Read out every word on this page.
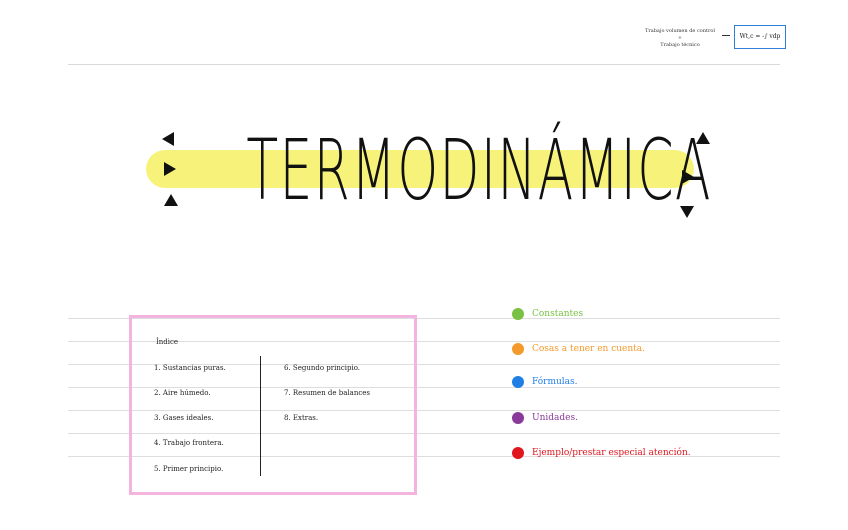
Trabajo volumen de control
+
Trabajo técnico
Wt,c = -∫ vdp
TERMODINÁMICA
Índice
1. Sustancias puras.
2. Aire húmedo.
3. Gases ideales.
4. Trabajo frontera.
5. Primer principio.
6. Segundo principio.
7. Resumen de balances
8. Extras.
Constantes
Cosas a tener en cuenta.
Fórmulas.
Unidades.
Ejemplo/prestar especial atención.
